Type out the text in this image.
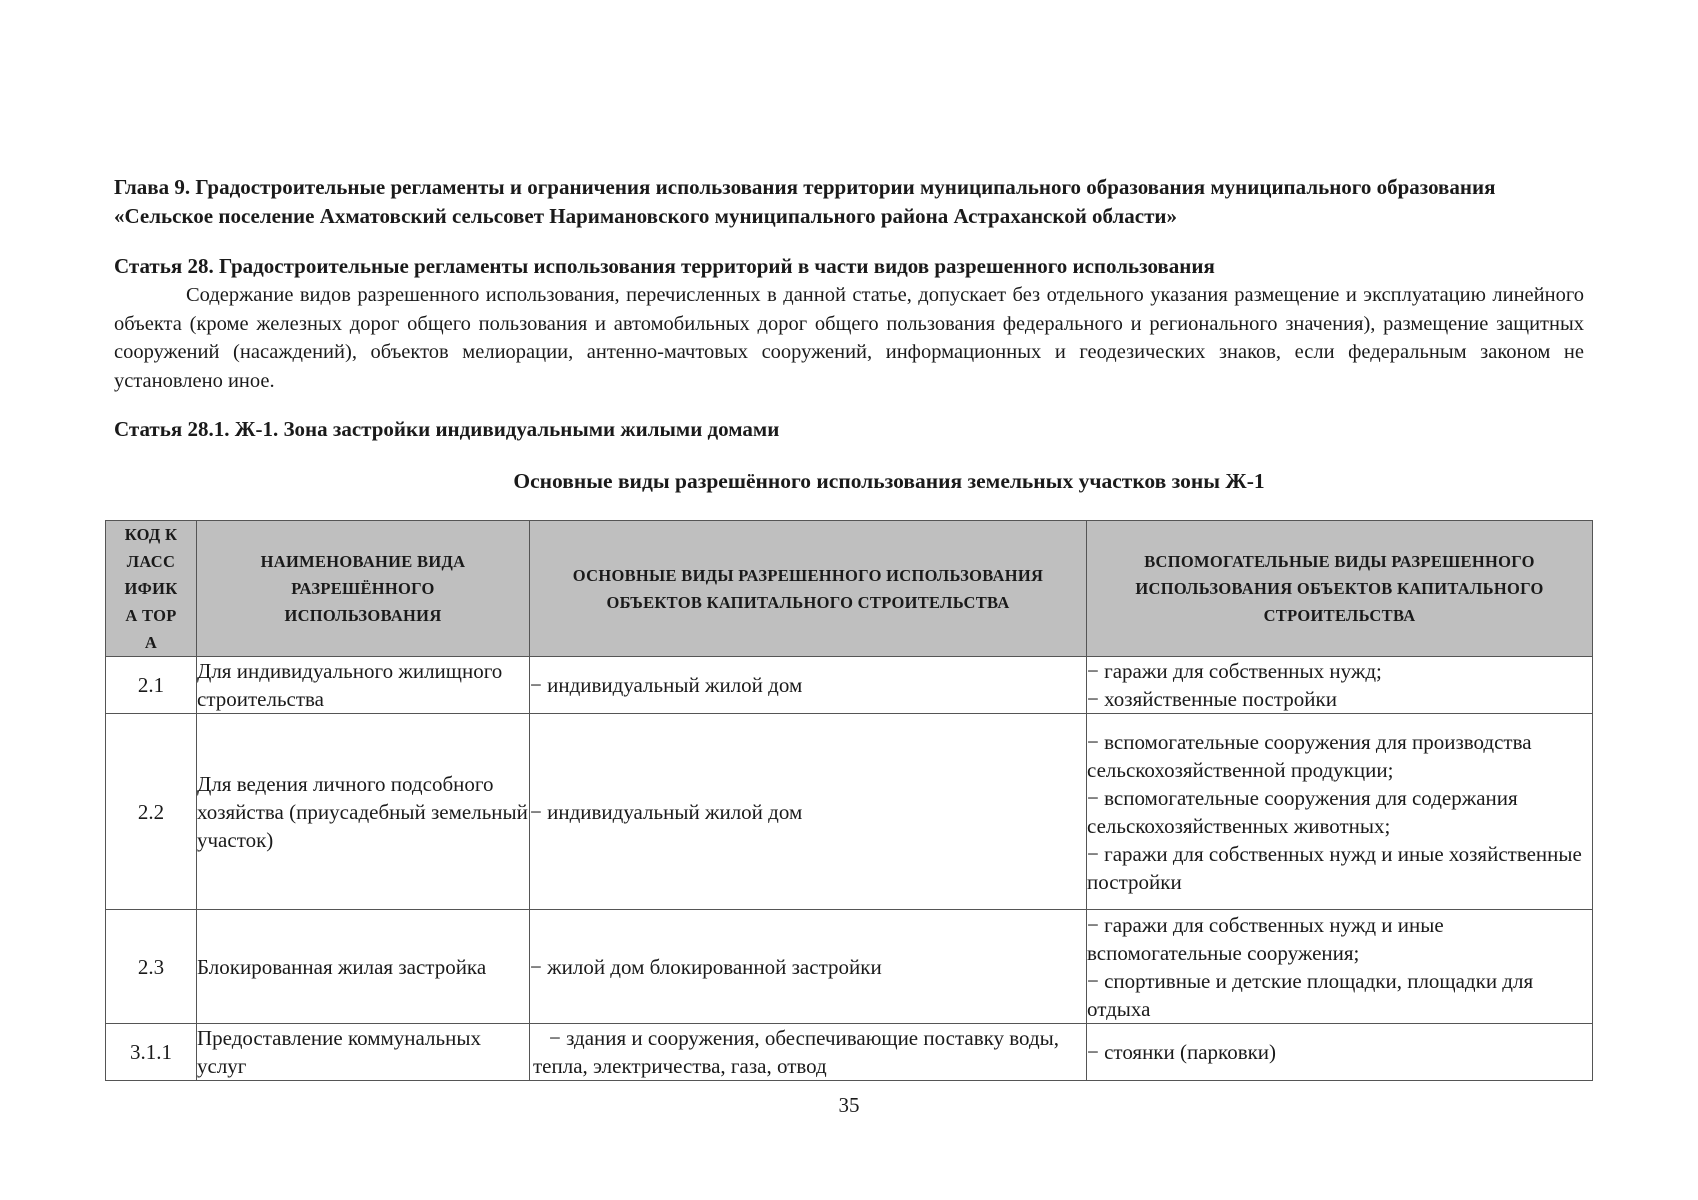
Глава 9. Градостроительные регламенты и ограничения использования территории муниципального образования муниципального образования «Сельское поселение Ахматовский сельсовет Наримановского муниципального района Астраханской области»

Статья 28. Градостроительные регламенты использования территорий в части видов разрешенного использования

Содержание видов разрешенного использования, перечисленных в данной статье, допускает без отдельного указания размещение и эксплуатацию линейного объекта (кроме железных дорог общего пользования и автомобильных дорог общего пользования федерального и регионального значения), размещение защитных сооружений (насаждений), объектов мелиорации, антенно-мачтовых сооружений, информационных и геодезических знаков, если федеральным законом не установлено иное.

Статья 28.1. Ж-1. Зона застройки индивидуальными жилыми домами

Основные виды разрешённого использования земельных участков зоны Ж-1
КОД КЛАСС ИФИКА ТОРА	НАИМЕНОВАНИЕ ВИДА РАЗРЕШЁННОГО ИСПОЛЬЗОВАНИЯ	ОСНОВНЫЕ ВИДЫ РАЗРЕШЕННОГО ИСПОЛЬЗОВАНИЯ ОБЪЕКТОВ КАПИТАЛЬНОГО СТРОИТЕЛЬСТВА	ВСПОМОГАТЕЛЬНЫЕ ВИДЫ РАЗРЕШЕННОГО ИСПОЛЬЗОВАНИЯ ОБЪЕКТОВ КАПИТАЛЬНОГО СТРОИТЕЛЬСТВА
2.1	Для индивидуального жилищного строительства	− индивидуальный жилой дом	− гаражи для собственных нужд;
− хозяйственные постройки

2.2	Для ведения личного подсобного хозяйства (приусадебный земельный участок)	− индивидуальный жилой дом	− вспомогательные сооружения для производства сельскохозяйственной продукции;
− вспомогательные сооружения для содержания сельскохозяйственных животных;
− гаражи для собственных нужд и иные хозяйственные постройки

2.3	Блокированная жилая застройка	− жилой дом блокированной застройки	− гаражи для собственных нужд и иные вспомогательные сооружения;
− спортивные и детские площадки, площадки для отдыха

3.1.1	Предоставление коммунальных услуг	− здания и сооружения, обеспечивающие поставку воды, тепла, электричества, газа, отвод	− стоянки (парковки)
35
